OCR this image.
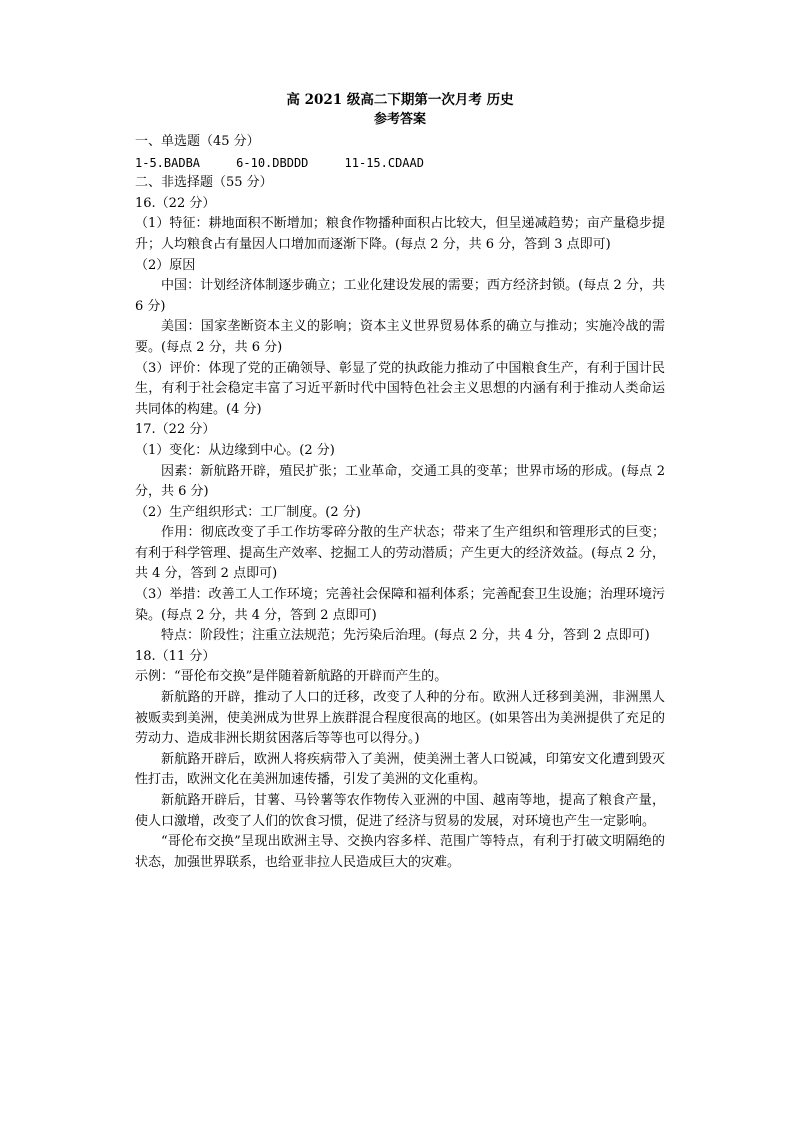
高 2021 级高二下期第一次月考 历史
参考答案
一、单选题（45 分）
1-5.BADBA     6-10.DBDDD     11-15.CDAAD
二、非选择题（55 分）
16.（22 分）
（1）特征：耕地面积不断增加；粮食作物播种面积占比较大，但呈递减趋势；亩产量稳步提升；人均粮食占有量因人口增加而逐渐下降。(每点 2 分，共 6 分，答到 3 点即可)
（2）原因
中国：计划经济体制逐步确立；工业化建设发展的需要；西方经济封锁。(每点 2 分，共 6 分)
美国：国家垄断资本主义的影响；资本主义世界贸易体系的确立与推动；实施冷战的需要。(每点 2 分，共 6 分)
（3）评价：体现了党的正确领导、彰显了党的执政能力推动了中国粮食生产，有利于国计民生，有利于社会稳定丰富了习近平新时代中国特色社会主义思想的内涵有利于推动人类命运共同体的构建。(4 分)
17.（22 分）
（1）变化：从边缘到中心。(2 分)
因素：新航路开辟，殖民扩张；工业革命，交通工具的变革；世界市场的形成。(每点 2 分，共 6 分)
（2）生产组织形式：工厂制度。(2 分)
作用：彻底改变了手工作坊零碎分散的生产状态；带来了生产组织和管理形式的巨变；有利于科学管理、提高生产效率、挖掘工人的劳动潜质；产生更大的经济效益。(每点 2 分，共 4 分，答到 2 点即可)
（3）举措：改善工人工作环境；完善社会保障和福利体系；完善配套卫生设施；治理环境污染。(每点 2 分，共 4 分，答到 2 点即可)
特点：阶段性；注重立法规范；先污染后治理。(每点 2 分，共 4 分，答到 2 点即可)
18.（11 分）
示例：“哥伦布交换”是伴随着新航路的开辟而产生的。
新航路的开辟，推动了人口的迁移，改变了人种的分布。欧洲人迁移到美洲，非洲黑人被贩卖到美洲，使美洲成为世界上族群混合程度很高的地区。(如果答出为美洲提供了充足的劳动力、造成非洲长期贫困落后等等也可以得分。)
新航路开辟后，欧洲人将疾病带入了美洲，使美洲土著人口锐减，印第安文化遭到毁灭性打击，欧洲文化在美洲加速传播，引发了美洲的文化重构。
新航路开辟后，甘薯、马铃薯等农作物传入亚洲的中国、越南等地，提高了粮食产量，使人口激增，改变了人们的饮食习惯，促进了经济与贸易的发展，对环境也产生一定影响。
“哥伦布交换”呈现出欧洲主导、交换内容多样、范围广等特点，有利于打破文明隔绝的状态，加强世界联系，也给亚非拉人民造成巨大的灾难。
